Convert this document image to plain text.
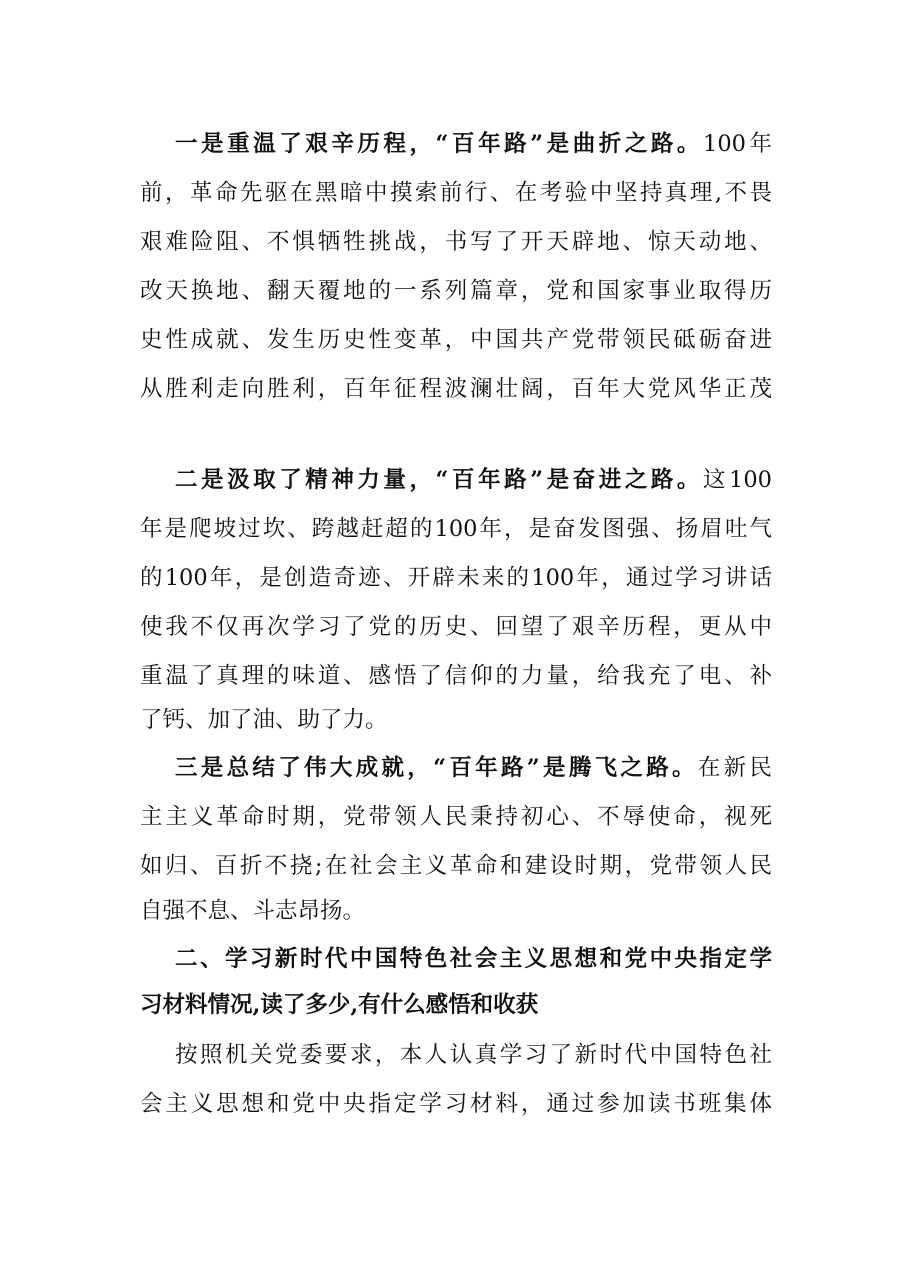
一是重温了艰辛历程，“百年路”是曲折之路。100年
前，革命先驱在黑暗中摸索前行、在考验中坚持真理,不畏
艰难险阻、不惧牺牲挑战，书写了开天辟地、惊天动地、
改天换地、翻天覆地的一系列篇章，党和国家事业取得历
史性成就、发生历史性变革，中国共产党带领民砥砺奋进
从胜利走向胜利，百年征程波澜壮阔，百年大党风华正茂
二是汲取了精神力量，“百年路”是奋进之路。这100
年是爬坡过坎、跨越赶超的100年，是奋发图强、扬眉吐气
的100年，是创造奇迹、开辟未来的100年，通过学习讲话
使我不仅再次学习了党的历史、回望了艰辛历程，更从中
重温了真理的味道、感悟了信仰的力量，给我充了电、补
了钙、加了油、助了力。
三是总结了伟大成就，“百年路”是腾飞之路。在新民
主主义革命时期，党带领人民秉持初心、不辱使命，视死
如归、百折不挠;在社会主义革命和建设时期，党带领人民
自强不息、斗志昂扬。
二、学习新时代中国特色社会主义思想和党中央指定学
习材料情况,读了多少,有什么感悟和收获
按照机关党委要求，本人认真学习了新时代中国特色社
会主义思想和党中央指定学习材料，通过参加读书班集体
